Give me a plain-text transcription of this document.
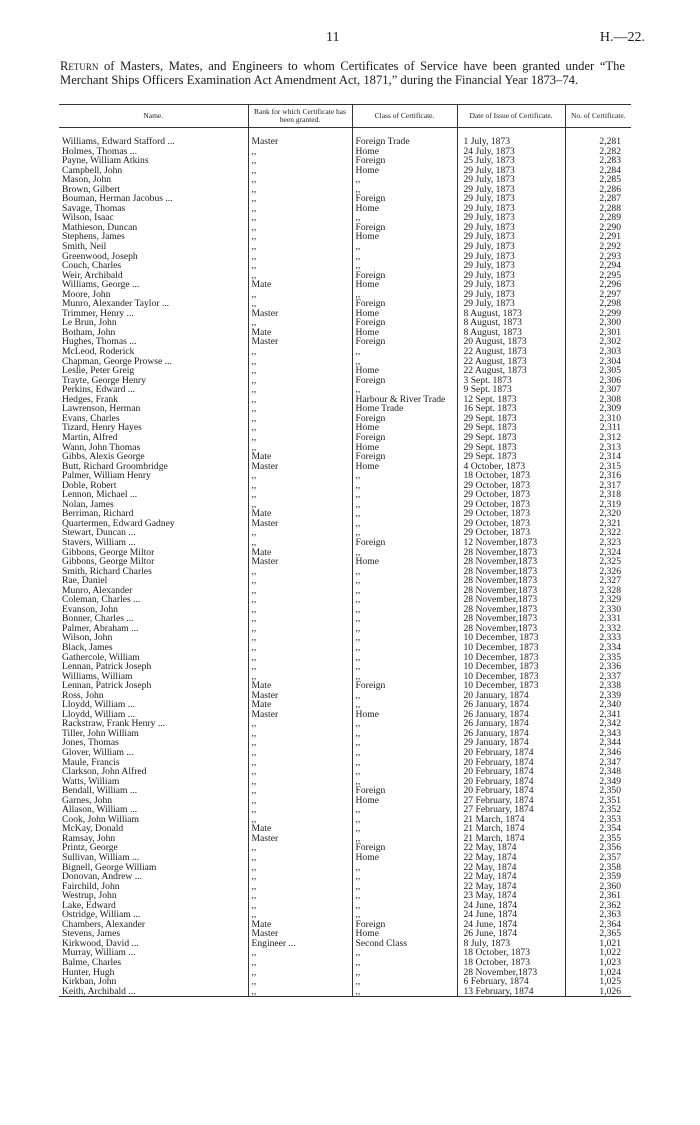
11	H.—22.
Return of Masters, Mates, and Engineers to whom Certificates of Service have been granted under “The Merchant Ships Officers Examination Act Amendment Act, 1871,” during the Financial Year 1873–74.
Name.	Rank for which Certificate has been granted.	Class of Certificate.	Date of Issue of Certificate.	No. of Certificate.

Williams, Edward Stafford ...	Master	Foreign Trade	1 July, 1873	2,281
Holmes, Thomas ...	,,	Home	24 July, 1873	2,282
Payne, William Atkins	,,	Foreign	25 July, 1873	2,283
Campbell, John	,,	Home	29 July, 1873	2,284
Mason, John	,,	,,	29 July, 1873	2,285
Brown, Gilbert	,,	,,	29 July, 1873	2,286
Bouman, Herman Jacobus ...	,,	Foreign	29 July, 1873	2,287
Savage, Thomas	,,	Home	29 July, 1873	2,288
Wilson, Isaac	,,	,,	29 July, 1873	2,289
Mathieson, Duncan	,,	Foreign	29 July, 1873	2,290
Stephens, James	,,	Home	29 July, 1873	2,291
Smith, Neil	,,	,,	29 July, 1873	2,292
Greenwood, Joseph	,,	,,	29 July, 1873	2,293
Couch, Charles	,,	,,	29 July, 1873	2,294
Weir, Archibald	,,	Foreign	29 July, 1873	2,295
Williams, George ...	Mate	Home	29 July, 1873	2,296
Moore, John	,,	,,	29 July, 1873	2,297
Munro, Alexander Taylor ...	,,	Foreign	29 July, 1873	2,298
Trimmer, Henry ...	Master	Home	8 August, 1873	2,299
Le Brun, John	,,	Foreign	8 August, 1873	2,300
Botham, John	Mate	Home	8 August, 1873	2,301
Hughes, Thomas ...	Master	Foreign	20 August, 1873	2,302
McLeod, Roderick	,,	,,	22 August, 1873	2,303
Chapman, George Prowse ...	,,	,,	22 August, 1873	2,304
Leslie, Peter Greig	,,	Home	22 August, 1873	2,305
Trayte, George Henry	,,	Foreign	3 Sept. 1873	2,306
Perkins, Edward ...	,,	,,	9 Sept. 1873	2,307
Hedges, Frank	,,	Harbour & River Trade	12 Sept. 1873	2,308
Lawrenson, Herman	,,	Home Trade	16 Sept. 1873	2,309
Evans, Charles	,,	Foreign	29 Sept. 1873	2,310
Tizard, Henry Hayes	,,	Home	29 Sept. 1873	2,311
Martin, Alfred	,,	Foreign	29 Sept. 1873	2,312
Wann, John Thomas	,,	Home	29 Sept. 1873	2,313
Gibbs, Alexis George	Mate	Foreign	29 Sept. 1873	2,314
Butt, Richard Groombridge	Master	Home	4 October, 1873	2,315
Palmer, William Henry	,,	,,	18 October, 1873	2,316
Doble, Robert	,,	,,	29 October, 1873	2,317
Lennon, Michael ...	,,	,,	29 October, 1873	2,318
Nolan, James	,,	,,	29 October, 1873	2,319
Berriman, Richard	Mate	,,	29 October, 1873	2,320
Quartermen, Edward Gadney	Master	,,	29 October, 1873	2,321
Stewart, Duncan ...	,,	,,	29 October, 1873	2,322
Stavers, William ...	,,	Foreign	12 November,1873	2,323
Gibbons, George Miltor	Mate	,,	28 November,1873	2,324
Gibbons, George Miltor	Master	Home	28 November,1873	2,325
Smith, Richard Charles	,,	,,	28 November,1873	2,326
Rae, Daniel	,,	,,	28 November,1873	2,327
Munro, Alexander	,,	,,	28 November,1873	2,328
Coleman, Charles ...	,,	,,	28 November,1873	2,329
Evanson, John	,,	,,	28 November,1873	2,330
Bonner, Charles ...	,,	,,	28 November,1873	2,331
Palmer, Abraham ...	,,	,,	28 November,1873	2,332
Wilson, John	,,	,,	10 December, 1873	2,333
Black, James	,,	,,	10 December, 1873	2,334
Gathercole, William	,,	,,	10 December, 1873	2,335
Lennan, Patrick Joseph	,,	,,	10 December, 1873	2,336
Williams, William	,,	,,	10 December, 1873	2,337
Lennan, Patrick Joseph	Mate	Foreign	10 December, 1873	2,338
Ross, John	Master	,,	20 January, 1874	2,339
Lloydd, William ...	Mate	,,	26 January, 1874	2,340
Lloydd, William ...	Master	Home	26 January, 1874	2,341
Rackstraw, Frank Henry ...	,,	,,	26 January, 1874	2,342
Tiller, John William	,,	,,	26 January, 1874	2,343
Jones, Thomas	,,	,,	29 January, 1874	2,344
Glover, William ...	,,	,,	20 February, 1874	2,346
Maule, Francis	,,	,,	20 February, 1874	2,347
Clarkson, John Alfred	,,	,,	20 February, 1874	2,348
Watts, William	,,	,,	20 February, 1874	2,349
Bendall, William ...	,,	Foreign	20 February, 1874	2,350
Garnes, John	,,	Home	27 February, 1874	2,351
Allason, William ...	,,	,,	27 February, 1874	2,352
Cook, John William	,,	,,	21 March, 1874	2,353
McKay, Donald	Mate	,,	21 March, 1874	2,354
Ramsay, John	Master	,,	21 March, 1874	2,355
Printz, George	,,	Foreign	22 May, 1874	2,356
Sullivan, William ...	,,	Home	22 May, 1874	2,357
Bignell, George William	,,	,,	22 May, 1874	2,358
Donovan, Andrew ...	,,	,,	22 May, 1874	2,359
Fairchild, John	,,	,,	22 May, 1874	2,360
Westrup, John	,,	,,	23 May, 1874	2,361
Lake, Edward	,,	,,	24 June, 1874	2,362
Ostridge, William ...	,,	,,	24 June, 1874	2,363
Chambers, Alexander	Mate	Foreign	24 June, 1874	2,364
Stevens, James	Master	Home	26 June, 1874	2,365
Kirkwood, David ...	Engineer ...	Second Class	8 July, 1873	1,021
Murray, William ...	,,	,,	18 October, 1873	1,022
Balme, Charles	,,	,,	18 October, 1873	1,023
Hunter, Hugh	,,	,,	28 November,1873	1,024
Kirkban, John	,,	,,	6 February, 1874	1,025
Keith, Archibald ...	,,	,,	13 February, 1874	1,026
